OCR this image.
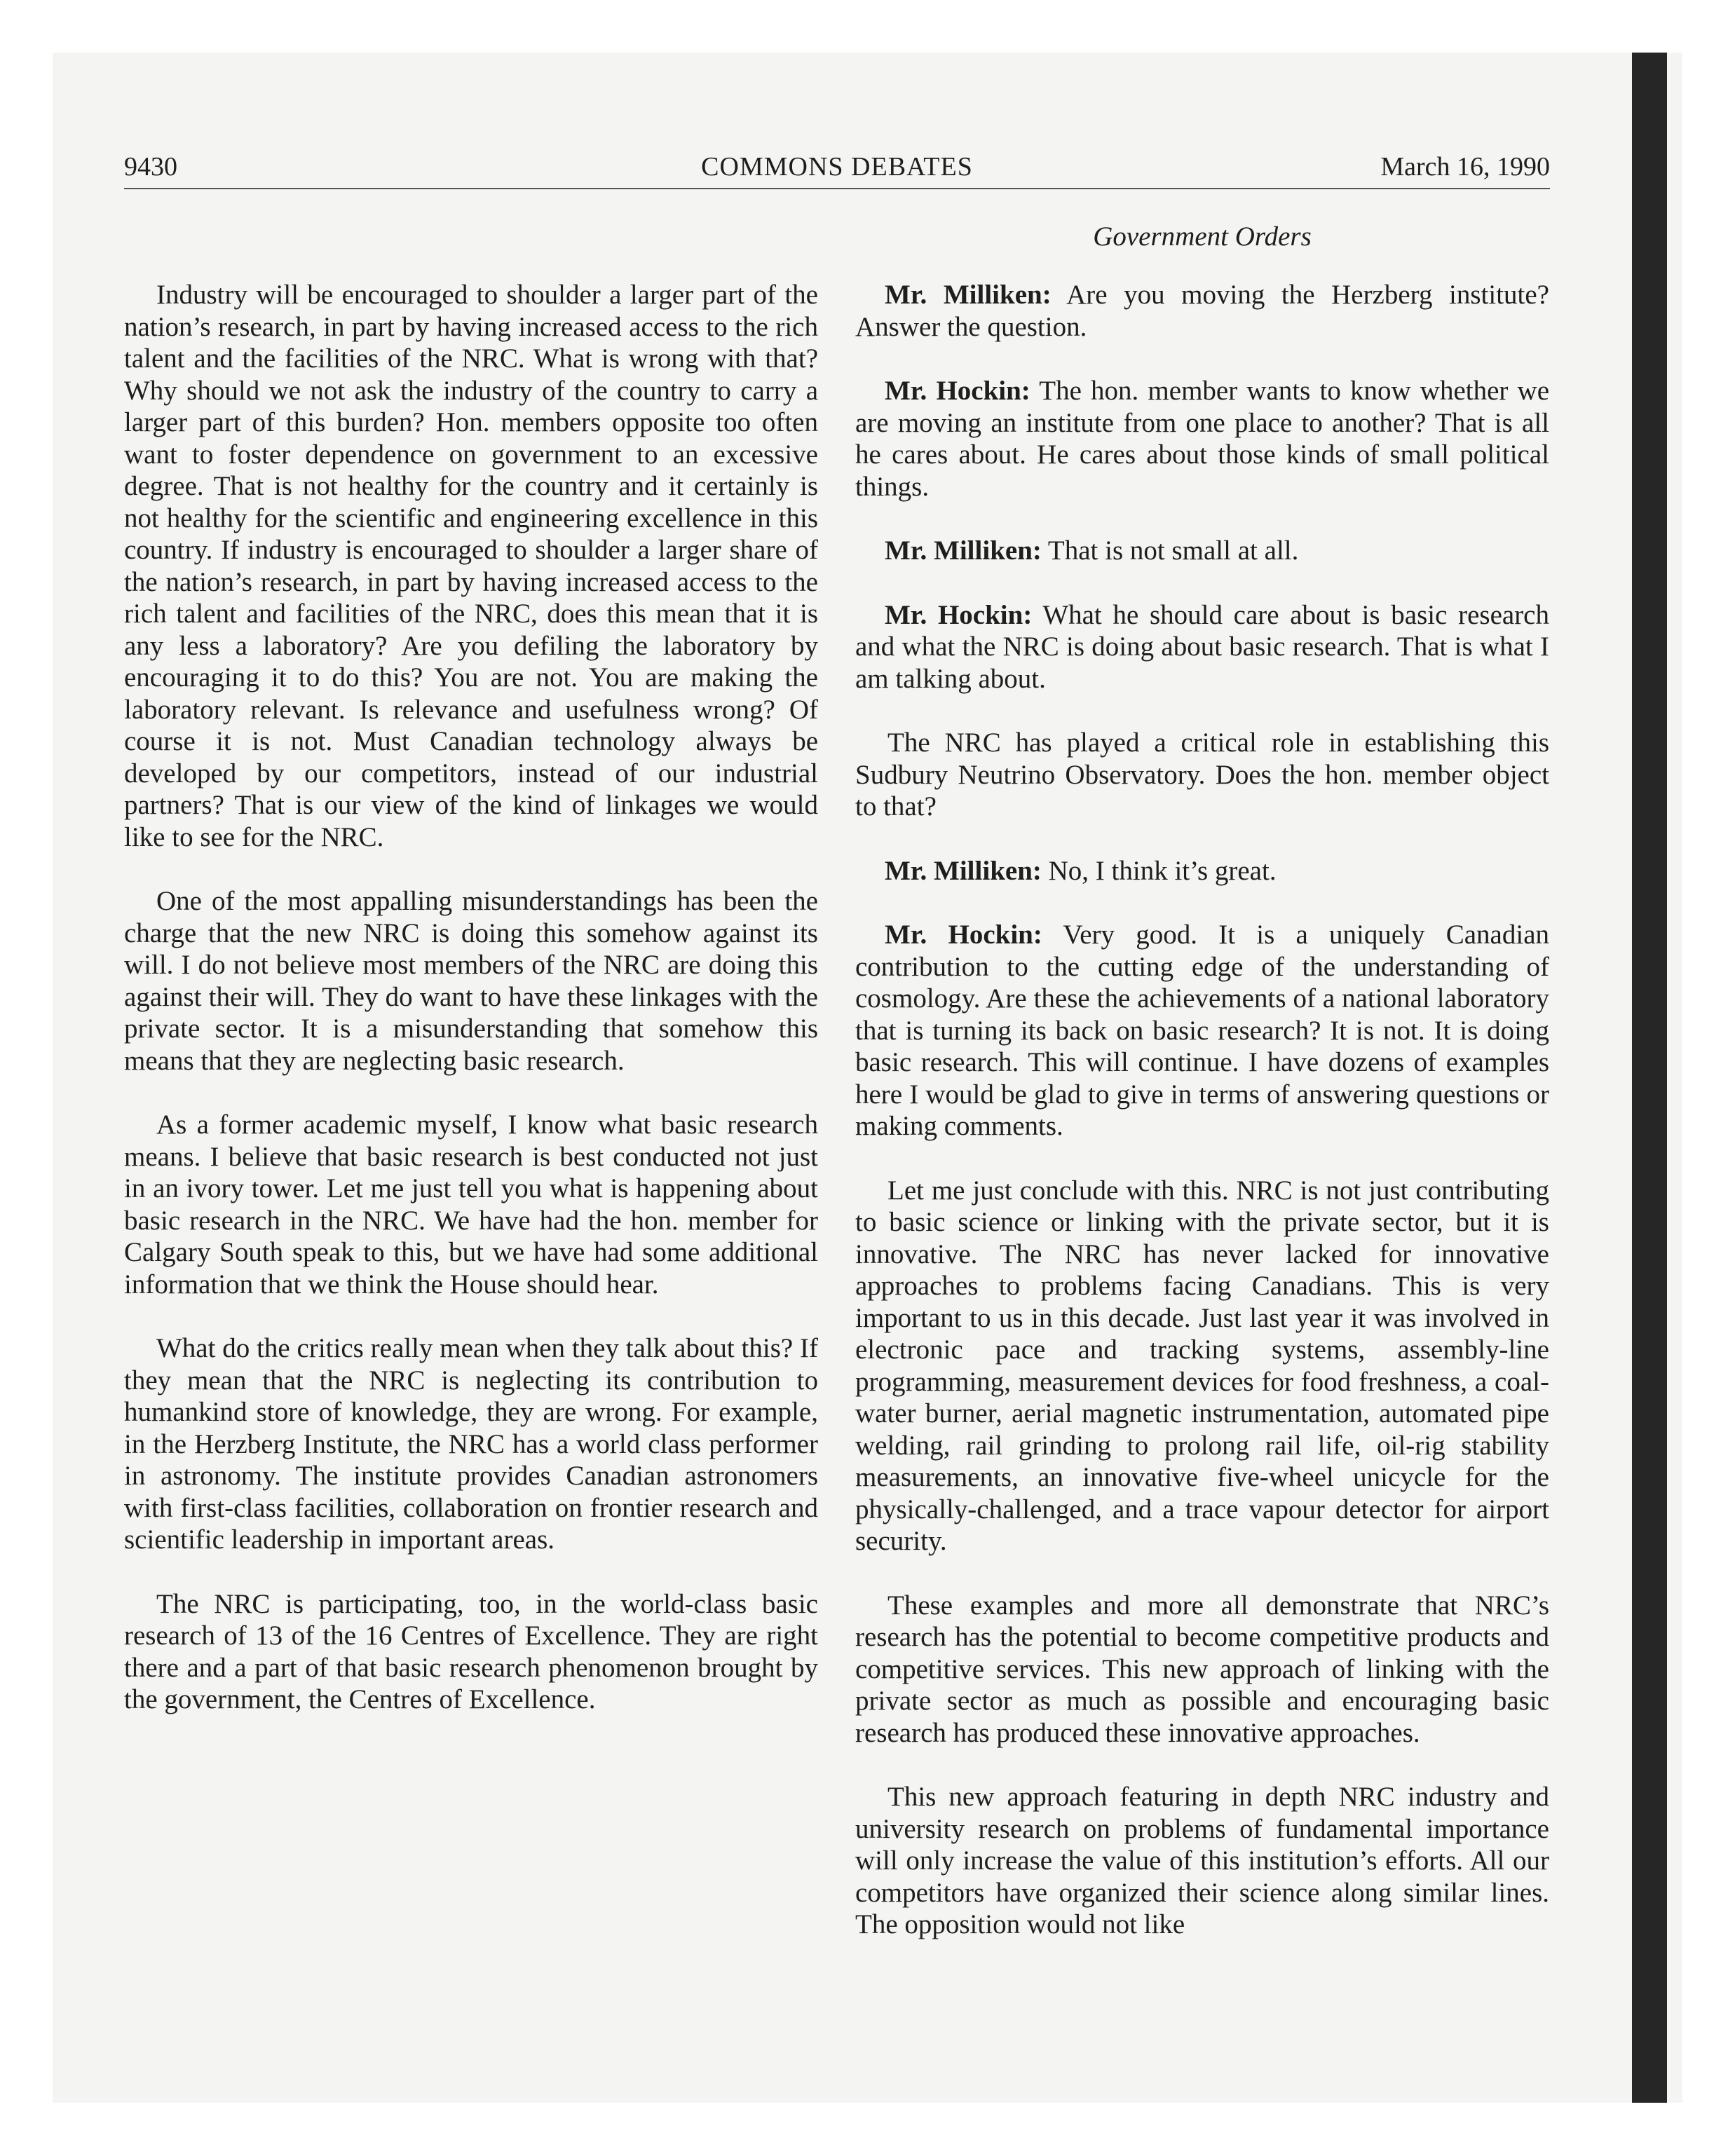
9430	COMMONS DEBATES	March 16, 1990
Government Orders

Industry will be encouraged to shoulder a larger part of the nation’s research, in part by having increased access to the rich talent and the facilities of the NRC. What is wrong with that? Why should we not ask the industry of the country to carry a larger part of this burden? Hon. members opposite too often want to foster dependence on government to an excessive degree. That is not healthy for the country and it certainly is not healthy for the scientific and engineering excellence in this country. If industry is encouraged to shoulder a larger share of the nation’s research, in part by having increased access to the rich talent and facilities of the NRC, does this mean that it is any less a laboratory? Are you defiling the laboratory by encouraging it to do this? You are not. You are making the laboratory relevant. Is relevance and usefulness wrong? Of course it is not. Must Canadian technology always be developed by our competitors, instead of our industrial partners? That is our view of the kind of linkages we would like to see for the NRC.

One of the most appalling misunderstandings has been the charge that the new NRC is doing this somehow against its will. I do not believe most members of the NRC are doing this against their will. They do want to have these linkages with the private sector. It is a misunderstanding that somehow this means that they are neglecting basic research.

As a former academic myself, I know what basic research means. I believe that basic research is best conducted not just in an ivory tower. Let me just tell you what is happening about basic research in the NRC. We have had the hon. member for Calgary South speak to this, but we have had some additional information that we think the House should hear.

What do the critics really mean when they talk about this? If they mean that the NRC is neglecting its contribution to humankind store of knowledge, they are wrong. For example, in the Herzberg Institute, the NRC has a world class performer in astronomy. The institute provides Canadian astronomers with first-class facilities, collaboration on frontier research and scientific leadership in important areas.

The NRC is participating, too, in the world-class basic research of 13 of the 16 Centres of Excellence. They are right there and a part of that basic research phenomenon brought by the government, the Centres of Excellence.

Mr. Milliken: Are you moving the Herzberg institute? Answer the question.

Mr. Hockin: The hon. member wants to know whether we are moving an institute from one place to another? That is all he cares about. He cares about those kinds of small political things.

Mr. Milliken: That is not small at all.

Mr. Hockin: What he should care about is basic research and what the NRC is doing about basic research. That is what I am talking about.

The NRC has played a critical role in establishing this Sudbury Neutrino Observatory. Does the hon. member object to that?

Mr. Milliken: No, I think it’s great.

Mr. Hockin: Very good. It is a uniquely Canadian contribution to the cutting edge of the understanding of cosmology. Are these the achievements of a national laboratory that is turning its back on basic research? It is not. It is doing basic research. This will continue. I have dozens of examples here I would be glad to give in terms of answering questions or making comments.

Let me just conclude with this. NRC is not just contributing to basic science or linking with the private sector, but it is innovative. The NRC has never lacked for innovative approaches to problems facing Canadians. This is very important to us in this decade. Just last year it was involved in electronic pace and tracking systems, assembly-line programming, measurement devices for food freshness, a coal-water burner, aerial magnetic instrumentation, automated pipe welding, rail grinding to prolong rail life, oil-rig stability measurements, an innovative five-wheel unicycle for the physically-challenged, and a trace vapour detector for airport security.

These examples and more all demonstrate that NRC’s research has the potential to become competitive products and competitive services. This new approach of linking with the private sector as much as possible and encouraging basic research has produced these innovative approaches.

This new approach featuring in depth NRC industry and university research on problems of fundamental importance will only increase the value of this institution’s efforts. All our competitors have organized their science along similar lines. The opposition would not like
